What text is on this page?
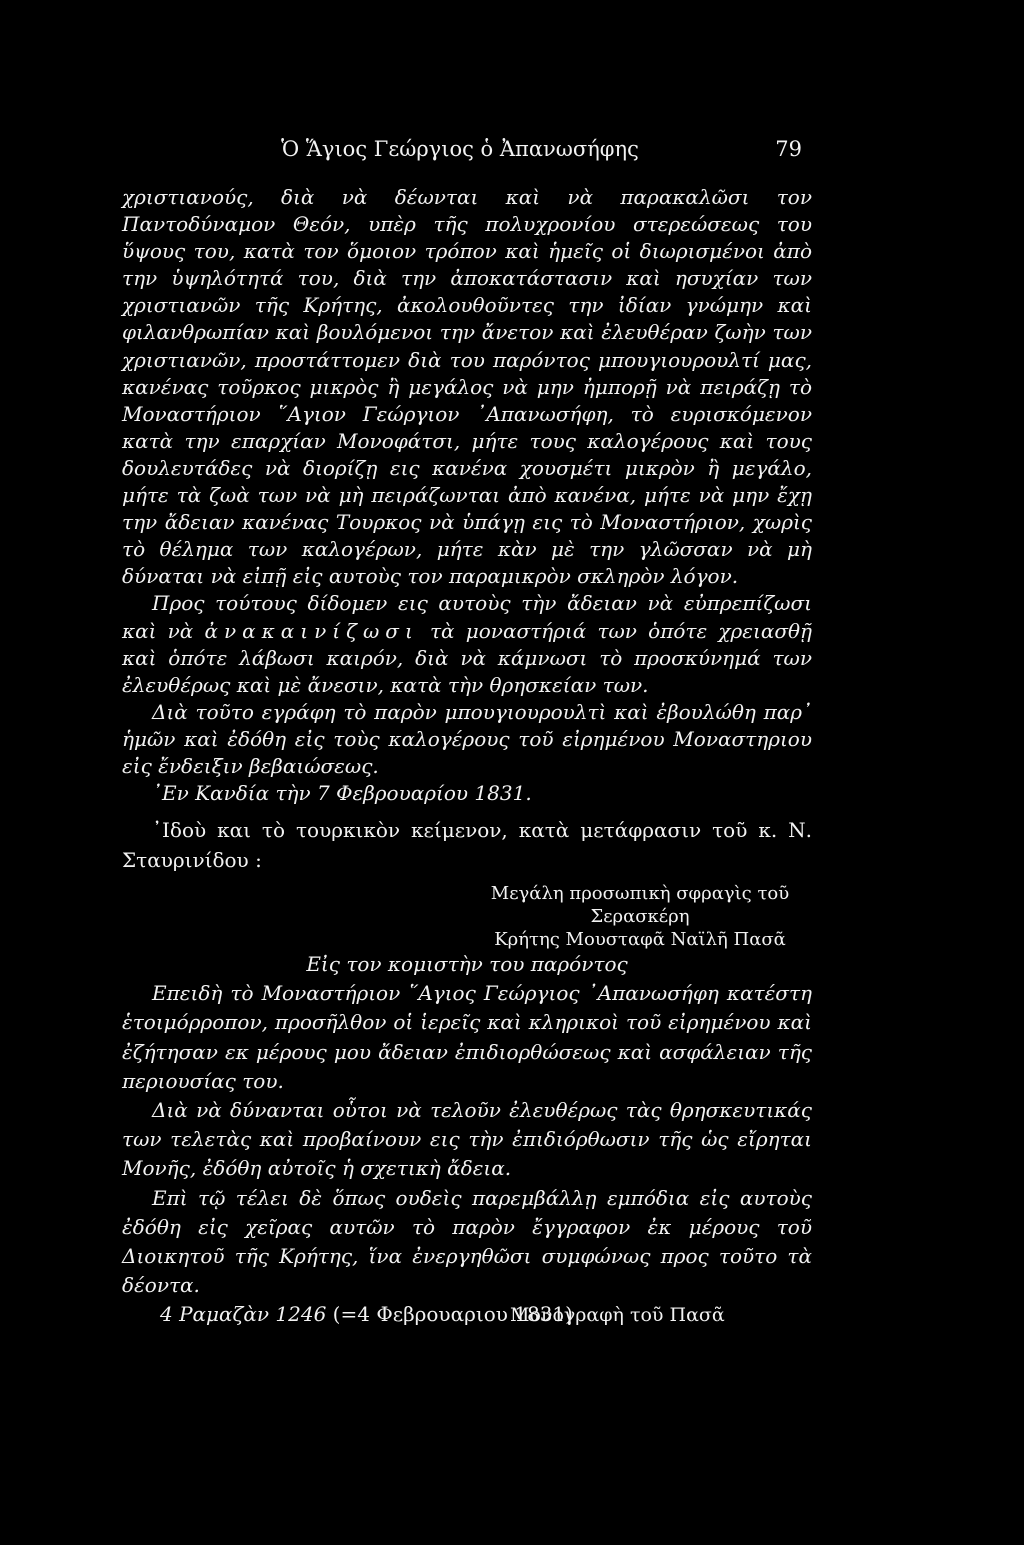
Ὁ Ἅγιος Γεώργιος ὁ Ἀπανωσήφης	79

χριστιανούς, διὰ νὰ δέωνται καὶ νὰ παρακαλῶσι τον Παντοδύναμον Θεόν, υπὲρ τῆς πολυχρονίου στερεώσεως του ὕψους του, κατὰ τον ὅμοιον τρόπον καὶ ἡμεῖς οἱ διωρισμένοι ἀπὸ την ὑψηλότητά του, διὰ την ἀποκατάστασιν καὶ ησυχίαν των χριστιανῶν τῆς Κρήτης, ἀκολουθοῦντες την ἰδίαν γνώμην καὶ φιλανθρωπίαν καὶ βουλόμενοι την ἄνετον καὶ ἐλευθέραν ζωὴν των χριστιανῶν, προστάττομεν διὰ του παρόντος μπουγιουρουλτί μας, κανένας τοῦρκος μικρὸς ἢ μεγάλος νὰ μην ἠμπορῇ νὰ πειράζῃ τὸ Μοναστήριον ῞Αγιον Γεώργιον ᾿Απανωσήφη, τὸ ευρισκόμενον κατὰ την επαρχίαν Μονοφάτσι, μήτε τους καλογέρους καὶ τους δουλευτάδες νὰ διορίζῃ εις κανένα χουσμέτι μικρὸν ἢ μεγάλο, μήτε τὰ ζωὰ των νὰ μὴ πειράζωνται ἀπὸ κανένα, μήτε νὰ μην ἔχῃ την ἄδειαν κανένας Τουρκος νὰ ὑπάγῃ εις τὸ Μοναστήριον, χωρὶς τὸ θέλημα των καλογέρων, μήτε κὰν μὲ την γλῶσσαν νὰ μὴ δύναται νὰ εἰπῇ εἰς αυτοὺς τον παραμικρὸν σκληρὸν λόγον.

Προς τούτους δίδομεν εις αυτοὺς τὴν ἄδειαν νὰ εὐπρεπίζωσι καὶ νὰ ἀνακαινίζωσι τὰ μοναστήριά των ὁπότε χρειασθῇ καὶ ὁπότε λάβωσι καιρόν, διὰ νὰ κάμνωσι τὸ προσκύνημά των ἐλευθέρως καὶ μὲ ἄνεσιν, κατὰ τὴν θρησκείαν των.

Διὰ τοῦτο εγράφη τὸ παρὸν μπουγιουρουλτὶ καὶ ἐβουλώθη παρ᾽ ἡμῶν καὶ ἐδόθη εἰς τοὺς καλογέρους τοῦ εἰρημένου Μοναστηριου εἰς ἔνδειξιν βεβαιώσεως.

᾿Εν Κανδία τὴν 7 Φεβρουαρίου 1831.

᾿Ιδοὺ και τὸ τουρκικὸν κείμενον, κατὰ μετάφρασιν τοῦ κ. Ν. Σταυρινίδου :

Μεγάλη προσωπικὴ σφραγὶς τοῦ Σερασκέρη
Κρήτης Μουσταφᾶ Ναϊλῆ Πασᾶ

Εἰς τον κομιστὴν του παρόντος

Επειδὴ τὸ Μοναστήριον ῞Αγιος Γεώργιος ᾿Απανωσήφη κατέστη ἑτοιμόρροπον, προσῆλθον οἱ ἱερεῖς καὶ κληρικοὶ τοῦ εἰρημένου καὶ ἐζήτησαν εκ μέρους μου ἄδειαν ἐπιδιορθώσεως καὶ ασφάλειαν τῆς περιουσίας του.

Διὰ νὰ δύνανται οὗτοι νὰ τελοῦν ἐλευθέρως τὰς θρησκευτικάς των τελετὰς καὶ προβαίνουν εις τὴν ἐπιδιόρθωσιν τῆς ὡς εἴρηται Μονῆς, ἐδόθη αὐτοῖς ἡ σχετικὴ ἄδεια.

Επὶ τῷ τέλει δὲ ὅπως ουδεὶς παρεμβάλλῃ εμπόδια εἰς αυτοὺς ἐδόθη εἰς χεῖρας αυτῶν τὸ παρὸν ἔγγραφον ἐκ μέρους τοῦ Διοικητοῦ τῆς Κρήτης, ἵνα ἐνεργηθῶσι συμφώνως προς τοῦτο τὰ δέοντα.

4 Ραμαζὰν 1246 (=4 Φεβρουαριου 1831)

Μονογραφὴ τοῦ Πασᾶ
